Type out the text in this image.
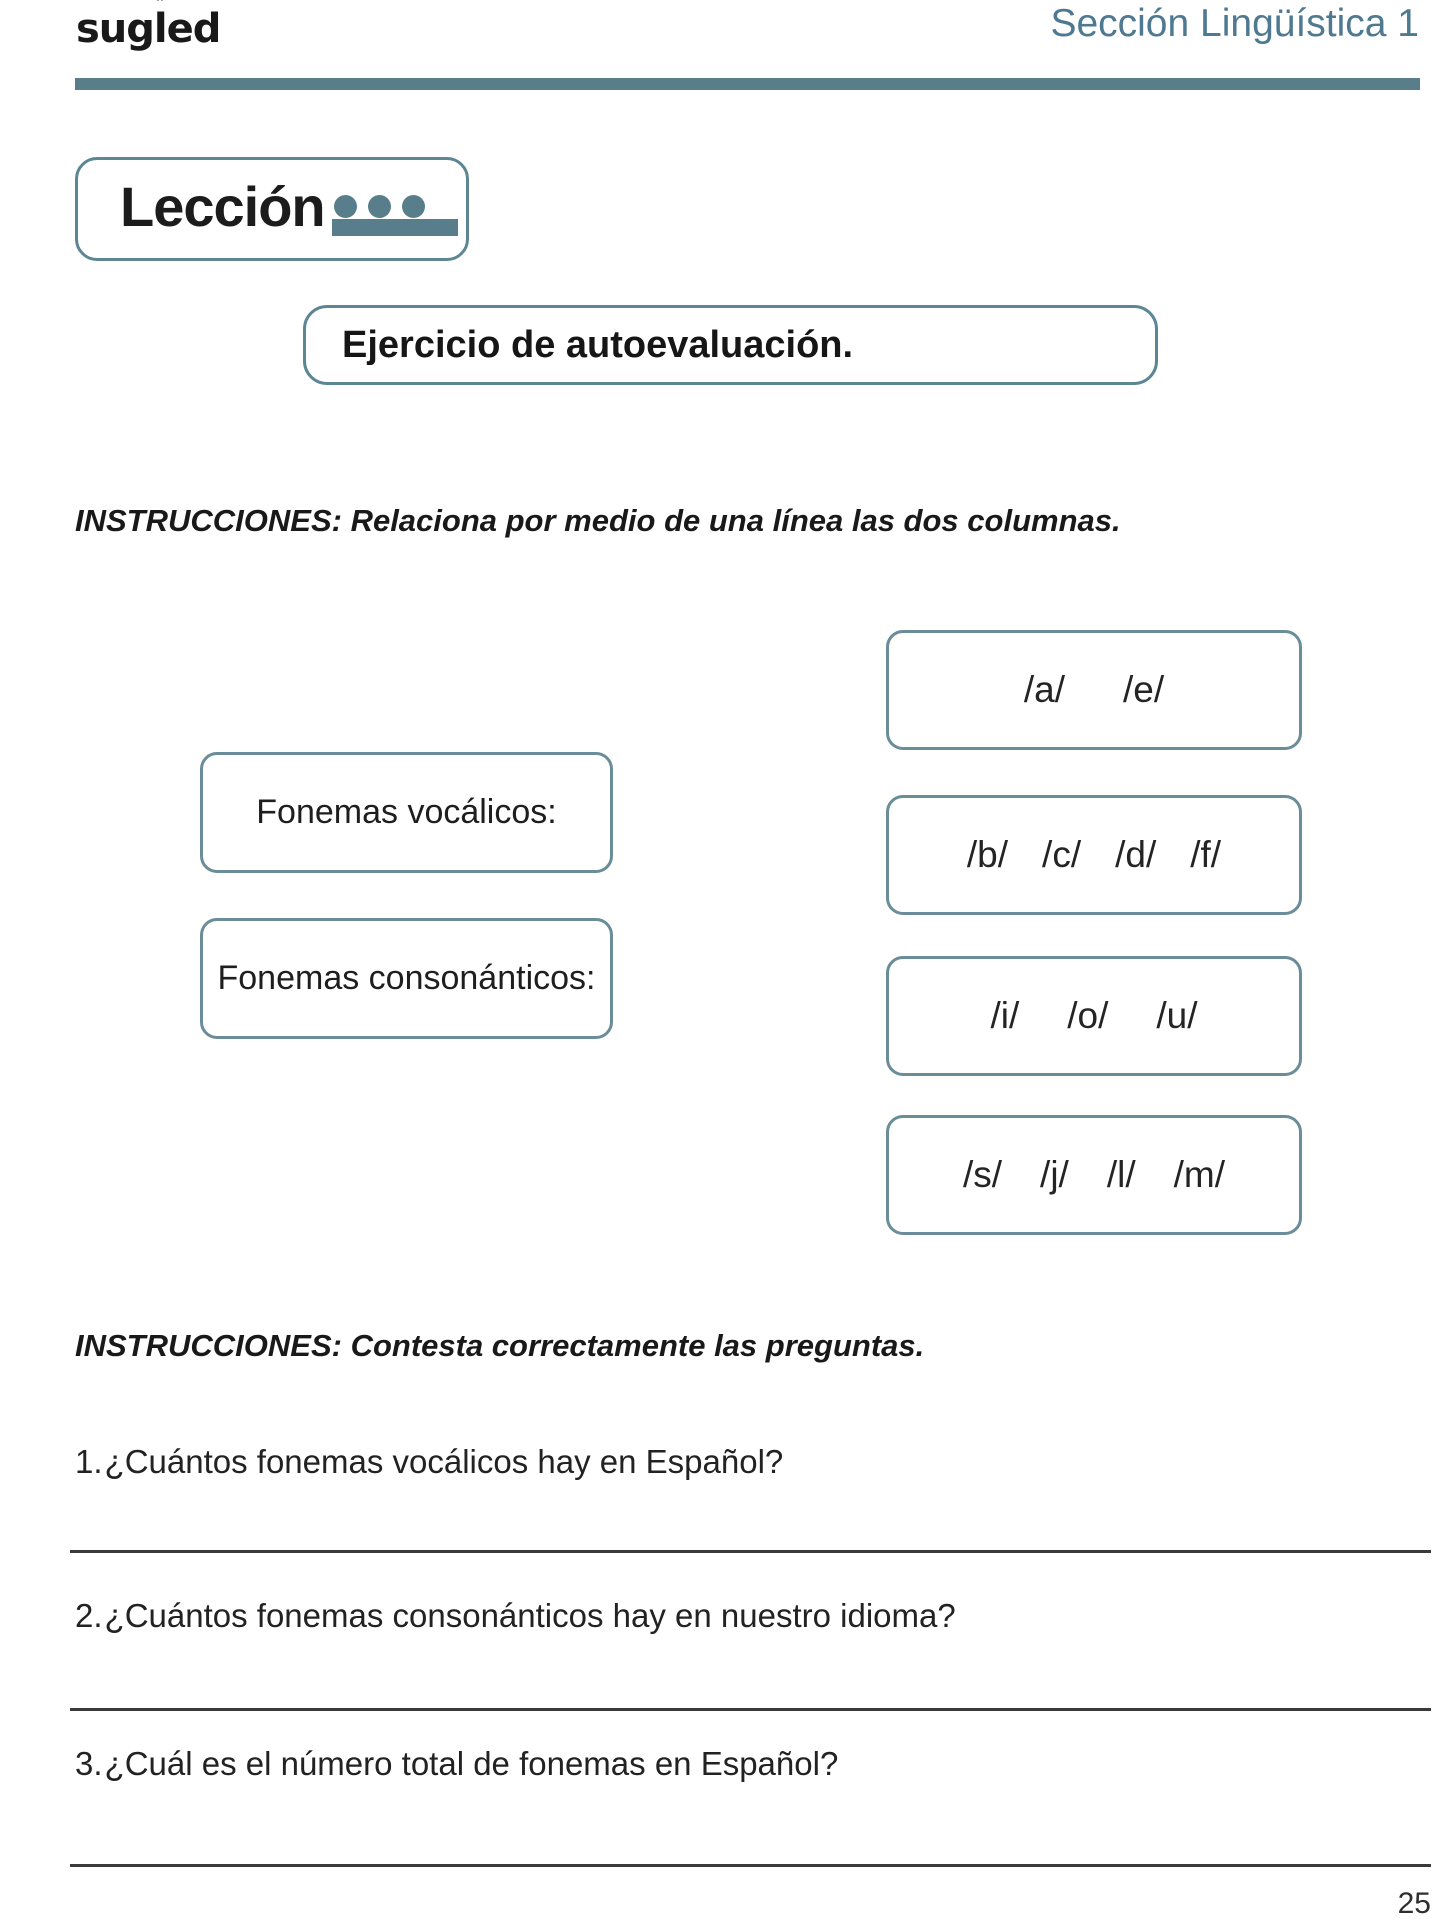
sug
led	Sección Lingüística 1
Lección
Ejercicio de autoevaluación.
INSTRUCCIONES: Relaciona por medio de una línea las dos columnas.
Fonemas vocálicos:
Fonemas consonánticos:
/a/ /e/
/b/ /c/ /d/ /f/
/i/ /o/ /u/
/s/ /j/ /l/ /m/
INSTRUCCIONES: Contesta correctamente las preguntas.
1.¿Cuántos fonemas vocálicos hay en Español?
2.¿Cuántos fonemas consonánticos hay en nuestro idioma?
3.¿Cuál es el número total de fonemas en Español?
25
